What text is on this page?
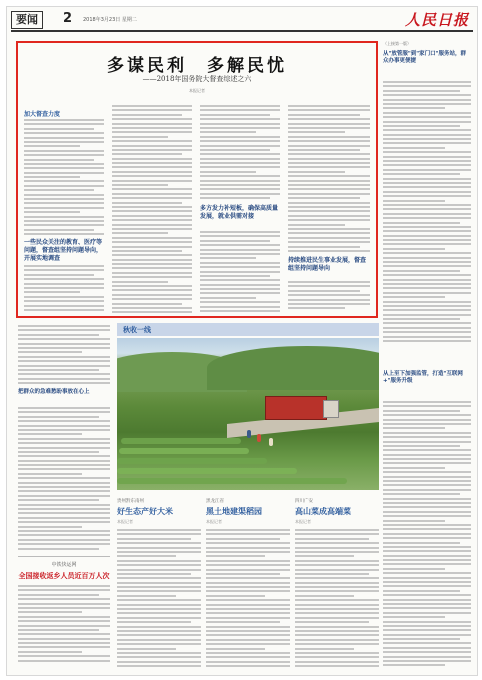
要闻	2 2018年3月23日 星期二	人民日报
多谋民利　多解民忧
——2018年国务院大督查综述之六
本报记者
加大督查力度
一些民众关注的教育、医疗等问题，督查组坚持问题导向，开展实地调查
多方发力补短板，确保高质量发展，就业供需对接
持续推进民生事业发展，督查组坚持问题导向
（上接第一版）
从"放管服"到"家门口"服务站，群众办事更便捷
从上至下加强监管，打造"互联网+"服务升级
把群众的急难愁盼事放在心上
中铁快运网
全国接收返乡人员近百万人次
秋收一线
贵州黔东南州
好生态产好大米
本报记者
黑龙江省
黑土地建渠稻园
本报记者
四川广安
高山菜成高端菜
本报记者
